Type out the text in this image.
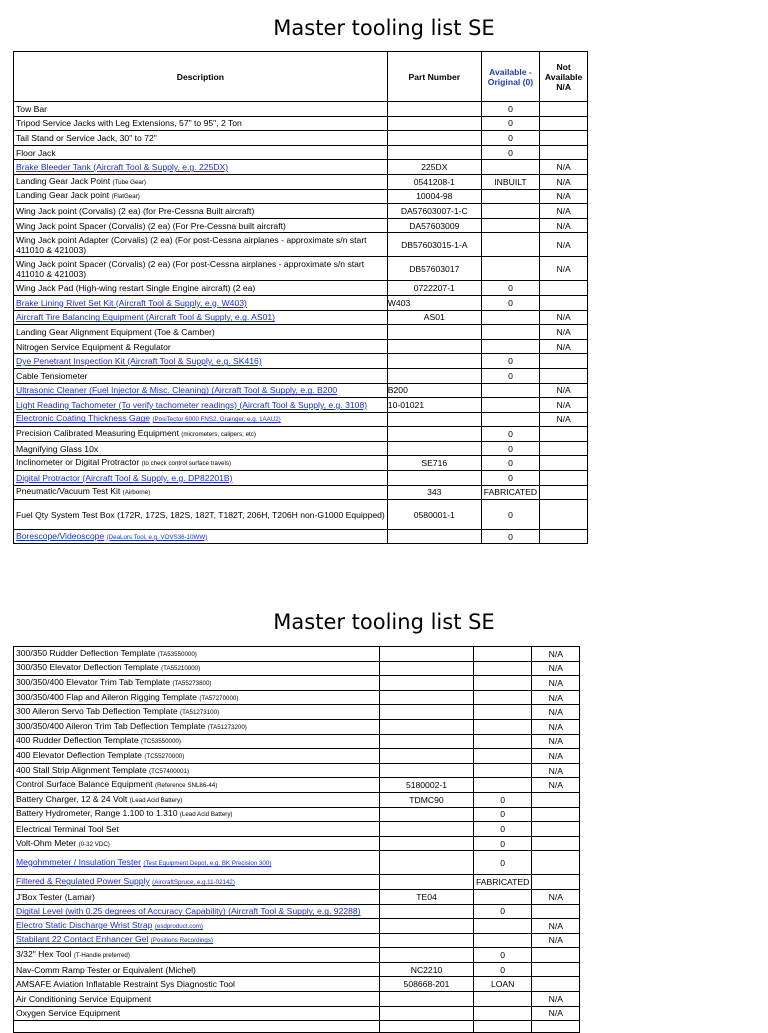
Master tooling list SE
Description	Part Number	Available - Original (0)	Not Available N/A
Tow Bar		0	
Tripod Service Jacks with Leg Extensions, 57" to 95", 2 Ton		0	
Tail Stand or Service Jack, 30" to 72"		0	
Floor Jack		0	
Brake Bleeder Tank (Aircraft Tool & Supply, e.g. 225DX)	225DX		N/A
Landing Gear Jack Point (Tube Gear)	0541208-1	INBUILT	N/A
Landing Gear Jack point (FlatGear)	10004-98		N/A
Wing Jack point (Corvalis) (2 ea) (for Pre-Cessna Built aircraft)	DA57603007-1-C		N/A
Wing Jack point Spacer (Corvalis) (2 ea) (For Pre-Cessna built aircraft)	DA57603009		N/A
Wing Jack point Adapter (Corvalis) (2 ea) (For post-Cessna airplanes - approximate s/n start 411010 & 421003)	DB57603015-1-A		N/A
Wing Jack point Spacer (Corvalis) (2 ea) (For post-Cessna airplanes - approximate s/n start 411010 & 421003)	DB57603017		N/A
Wing Jack Pad (High-wing restart Single Engine aircraft) (2 ea)	0722207-1	0	
Brake Lining Rivet Set Kit (Aircraft Tool & Supply, e.g. W403)	W403	0	
Aircraft Tire Balancing Equipment (Aircraft Tool & Supply, e.g. AS01)	AS01		N/A
Landing Gear Alignment Equipment (Toe & Camber)			N/A
Nitrogen Service Equipment & Regulator			N/A
Dye Penetrant Inspection Kit (Aircraft Tool & Supply, e.g. SK416)		0	
Cable Tensiometer		0	
Ultrasonic Cleaner (Fuel Injector & Misc. Cleaning) (Aircraft Tool & Supply, e.g. B200	B200		N/A
Light Reading Tachometer (To verify tachometer readings) (Aircraft Tool & Supply, e.g. 3108)	10-01021		N/A
Electronic Coating Thickness Gage (PosiTector 6000 FNS2, Grainger, e.g. 1AAU2)			N/A
Precision Calibrated Measuring Equipment (micrometers, calipers, etc)		0	
Magnifying Glass 10x		0	
Inclinometer or Digital Protractor (to check control surface travels)	SE716	0	
Digital Protractor (Aircraft Tool & Supply, e.g. DP82201B)		0	
Pneumatic/Vacuum Test Kit (Airborne)	343	FABRICATED	
Fuel Qty System Test Box (172R, 172S, 182S, 182T, T182T, 206H, T206H non-G1000 Equipped)	0580001-1	0	
Borescope/Videoscope (DeaLors Tool, e.g. VOVS36-10WW)		0	
Master tooling list SE
300/350 Rudder Deflection Template (TA53550000)			N/A
300/350 Elevator Deflection Template (TA55210000)			N/A
300/350/400 Elevator Trim Tab Template (TA55273800)			N/A
300/350/400 Flap and Aileron Rigging Template (TA57270000)			N/A
300 Aileron Servo Tab Deflection Template (TA51273100)			N/A
300/350/400 Aileron Trim Tab Deflection Template (TA51273200)			N/A
400 Rudder Deflection Template (TC53550000)			N/A
400 Elevator Deflection Template (TC55270000)			N/A
400 Stall Strip Alignment Template (TC57400001)			N/A
Control Surface Balance Equipment (Reference SNL86-44)	5180002-1		N/A
Battery Charger, 12 & 24 Volt (Lead Acid Battery)	TDMC90	0	
Battery Hydrometer, Range 1.100 to 1.310 (Lead Acid Battery)		0	
Electrical Terminal Tool Set		0	
Volt-Ohm Meter (0-32 VDC)		0	
Megohmmeter / Insulation Tester (Test Equipment Depot, e.g. BK Precision 300)		0	
Filtered & Regulated Power Supply (AircraftSpruce, e.g.11-02142)		FABRICATED	
J'Box Tester (Lamar)	TE04		N/A
Digital Level (with 0.25 degrees of Accuracy Capability) (Aircraft Tool & Supply, e.g. 92288)		0	
Electro Static Discharge Wrist Strap (esdproduct.com)			N/A
Stabilant 22 Contact Enhancer Gel (Positions Recordings)			N/A
3/32" Hex Tool (T-Handle preferred)		0	
Nav-Comm Ramp Tester or Equivalent (Michel)	NC2210	0	
AMSAFE Aviation Inflatable Restraint Sys Diagnostic Tool	508668-201	LOAN	
Air Conditioning Service Equipment			N/A
Oxygen Service Equipment			N/A
